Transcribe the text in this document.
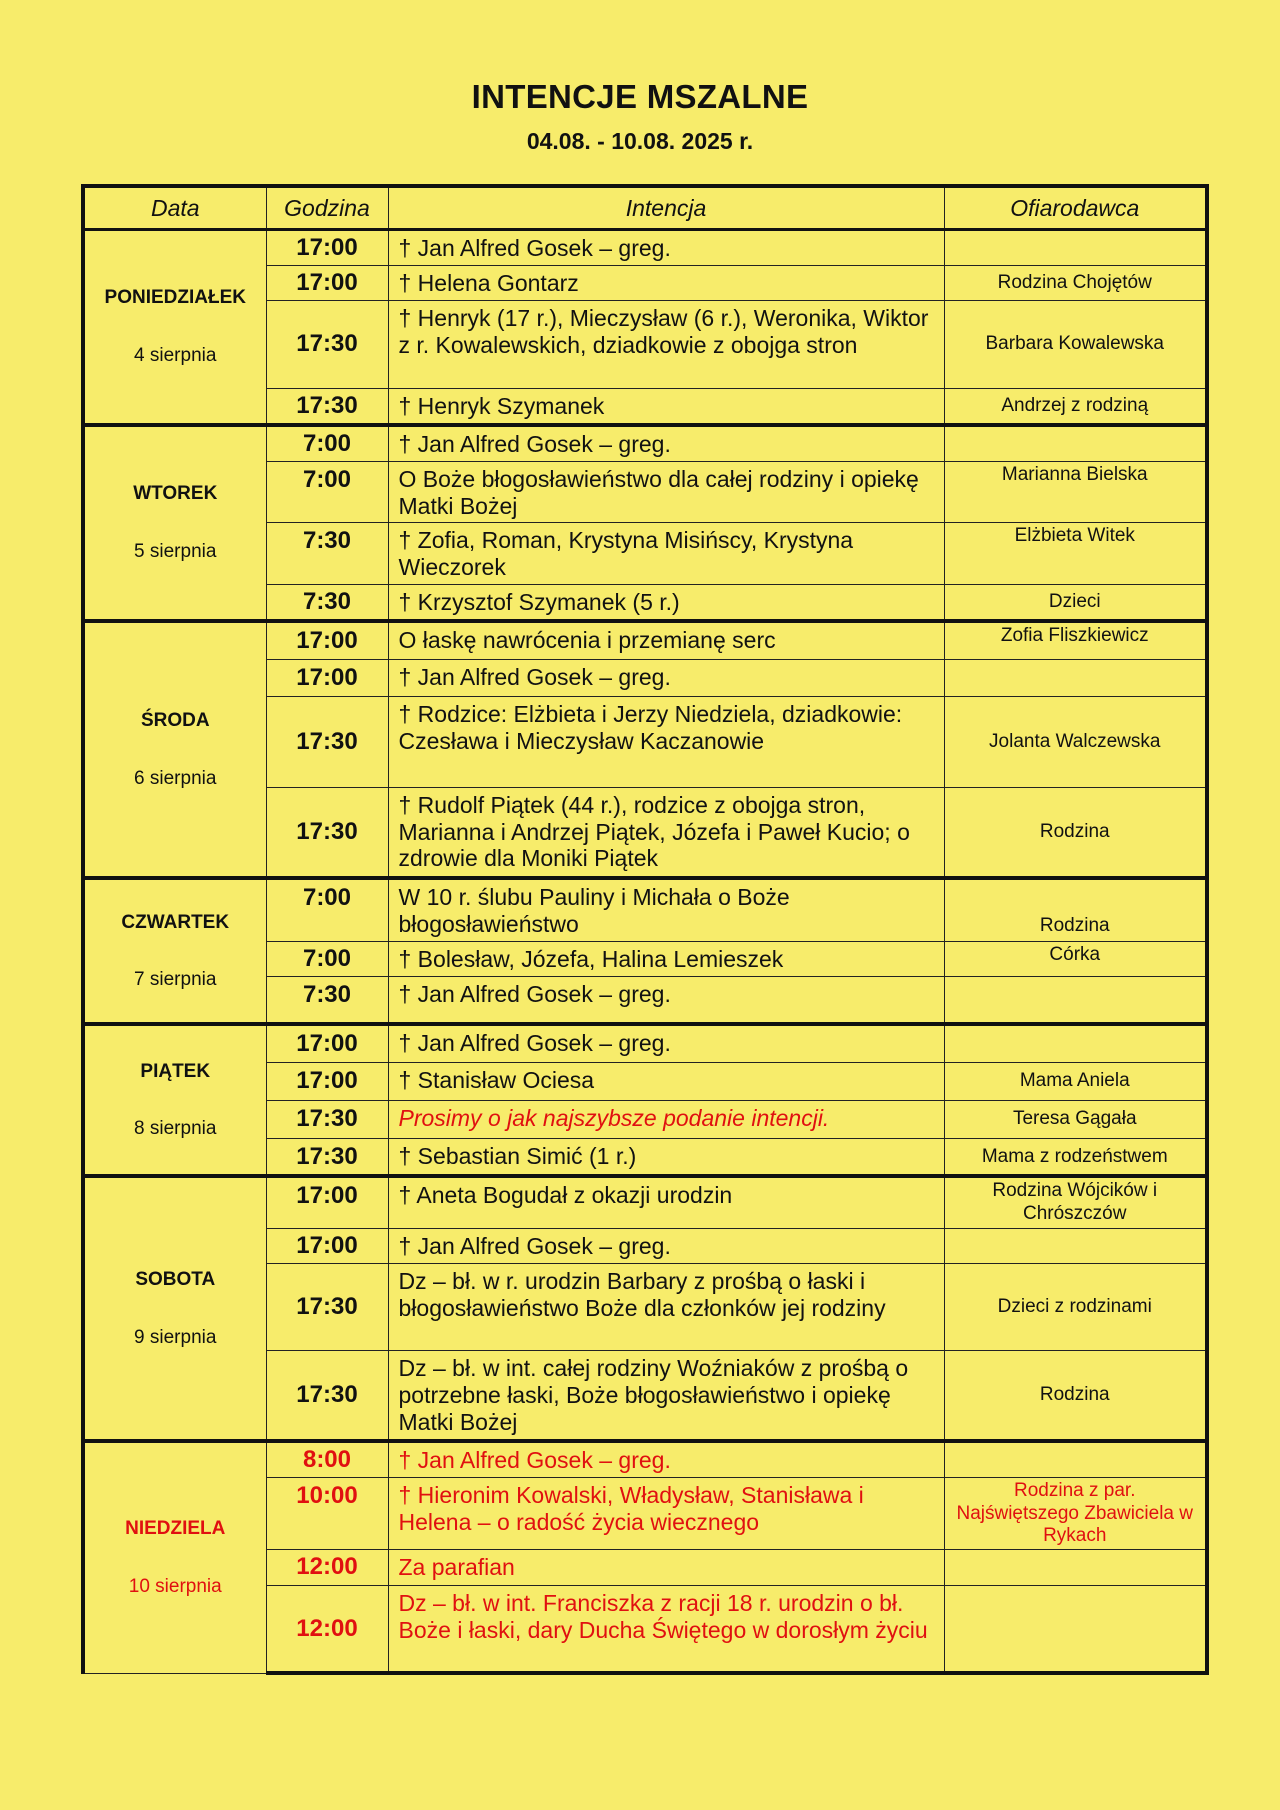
INTENCJE MSZALNE
04.08. - 10.08. 2025 r.
Data	Godzina	Intencja	Ofiarodawca

PONIEDZIAŁEK
4 sierpnia	17:00	† Jan Alfred Gosek – greg.	
	17:00	† Helena Gontarz	Rodzina Chojętów
	17:30	† Henryk (17 r.), Mieczysław (6 r.), Weronika, Wiktor z r. Kowalewskich, dziadkowie z obojga stron	Barbara Kowalewska
	17:30	† Henryk Szymanek	Andrzej z rodziną

WTOREK
5 sierpnia	7:00	† Jan Alfred Gosek – greg.	
	7:00	O Boże błogosławieństwo dla całej rodziny i opiekę Matki Bożej	Marianna Bielska
	7:30	† Zofia, Roman, Krystyna Misińscy, Krystyna Wieczorek	Elżbieta Witek
	7:30	† Krzysztof Szymanek (5 r.)	Dzieci

ŚRODA
6 sierpnia	17:00	O łaskę nawrócenia i przemianę serc	Zofia Fliszkiewicz
	17:00	† Jan Alfred Gosek – greg.	
	17:30	† Rodzice: Elżbieta i Jerzy Niedziela, dziadkowie: Czesława i Mieczysław Kaczanowie	Jolanta Walczewska
	17:30	† Rudolf Piątek (44 r.), rodzice z obojga stron, Marianna i Andrzej Piątek, Józefa i Paweł Kucio; o zdrowie dla Moniki Piątek	Rodzina

CZWARTEK
7 sierpnia	7:00	W 10 r. ślubu Pauliny i Michała o Boże błogosławieństwo	Rodzina
	7:00	† Bolesław, Józefa, Halina Lemieszek	Córka
	7:30	† Jan Alfred Gosek – greg.	

PIĄTEK
8 sierpnia	17:00	† Jan Alfred Gosek – greg.	
	17:00	† Stanisław Ociesa	Mama Aniela
	17:30	Prosimy o jak najszybsze podanie intencji.	Teresa Gągała
	17:30	† Sebastian Simić (1 r.)	Mama z rodzeństwem

SOBOTA
9 sierpnia	17:00	† Aneta Bogudał z okazji urodzin	Rodzina Wójcików i Chrószczów
	17:00	† Jan Alfred Gosek – greg.	
	17:30	Dz – bł. w r. urodzin Barbary z prośbą o łaski i błogosławieństwo Boże dla członków jej rodziny	Dzieci z rodzinami
	17:30	Dz – bł. w int. całej rodziny Woźniaków z prośbą o potrzebne łaski, Boże błogosławieństwo i opiekę Matki Bożej	Rodzina

NIEDZIELA
10 sierpnia	8:00	† Jan Alfred Gosek – greg.	
	10:00	† Hieronim Kowalski, Władysław, Stanisława i Helena – o radość życia wiecznego	Rodzina z par. Najświętszego Zbawiciela w Rykach
	12:00	Za parafian	
	12:00	Dz – bł. w int. Franciszka z racji 18 r. urodzin o bł. Boże i łaski, dary Ducha Świętego w dorosłym życiu	
